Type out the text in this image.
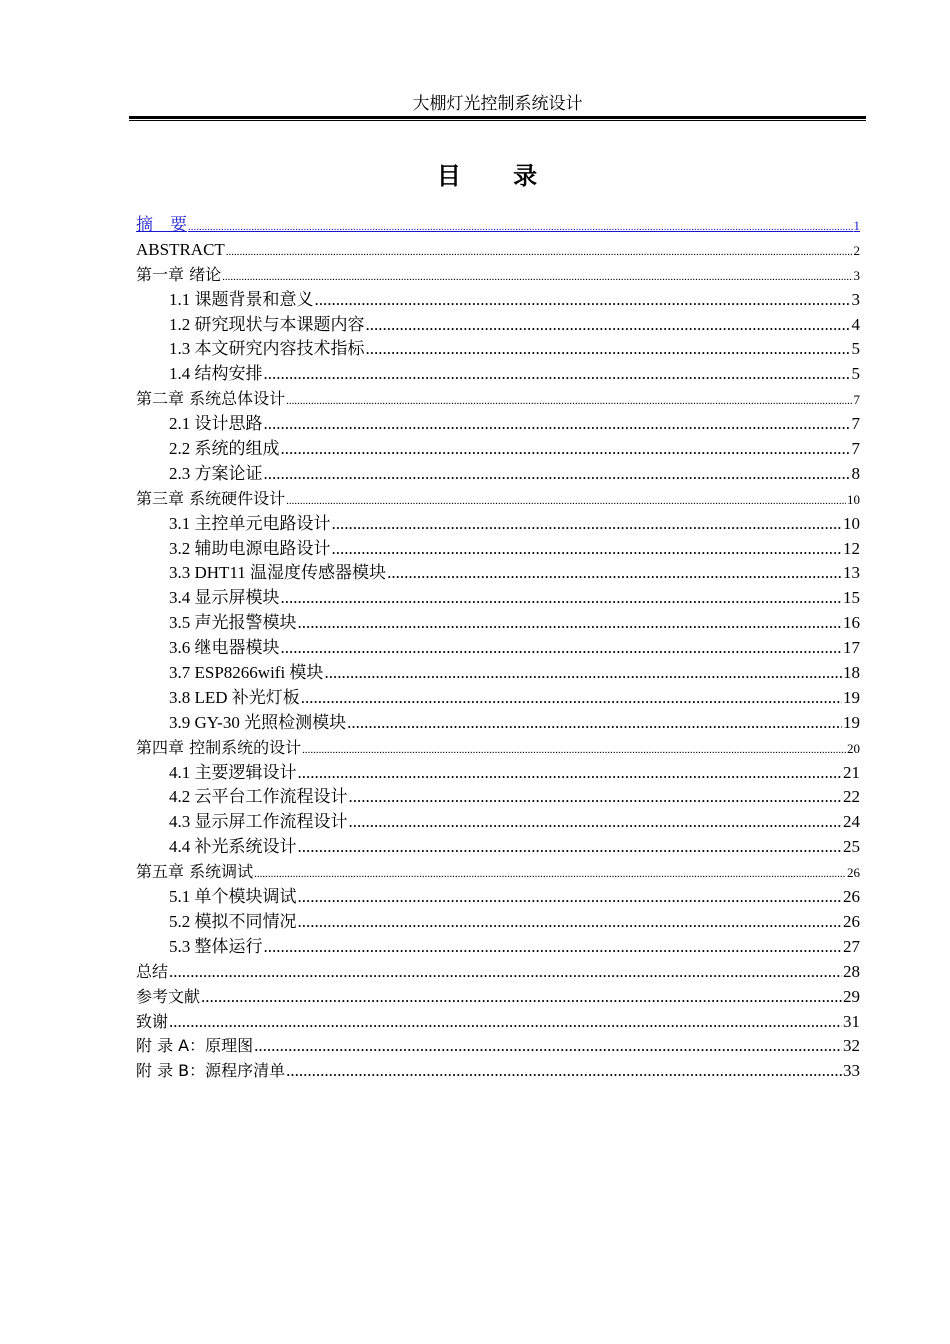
大棚灯光控制系统设计
目 录
摘    要 .....	1
ABSTRACT .....	2
第一章 绪论 .....	3
1.1 课题背景和意义 .....	3
1.2 研究现状与本课题内容 .....	4
1.3 本文研究内容技术指标 .....	5
1.4 结构安排 .....	5
第二章 系统总体设计 .....	7
2.1 设计思路 .....	7
2.2 系统的组成 .....	7
2.3 方案论证 .....	8
第三章 系统硬件设计 .....	10
3.1 主控单元电路设计 .....	10
3.2 辅助电源电路设计 .....	12
3.3 DHT11 温湿度传感器模块 .....	13
3.4 显示屏模块 .....	15
3.5 声光报警模块 .....	16
3.6 继电器模块 .....	17
3.7 ESP8266wifi 模块 .....	18
3.8 LED 补光灯板 .....	19
3.9 GY-30 光照检测模块 .....	19
第四章 控制系统的设计 .....	20
4.1 主要逻辑设计 .....	21
4.2 云平台工作流程设计 .....	22
4.3 显示屏工作流程设计 .....	24
4.4 补光系统设计 .....	25
第五章 系统调试 .....	26
5.1 单个模块调试 .....	26
5.2 模拟不同情况 .....	26
5.3 整体运行 .....	27
总结 .....	28
参考文献 .....	29
致谢 .....	31
附 录 A：原理图 .....	32
附 录 B：源程序清单 .....	33
